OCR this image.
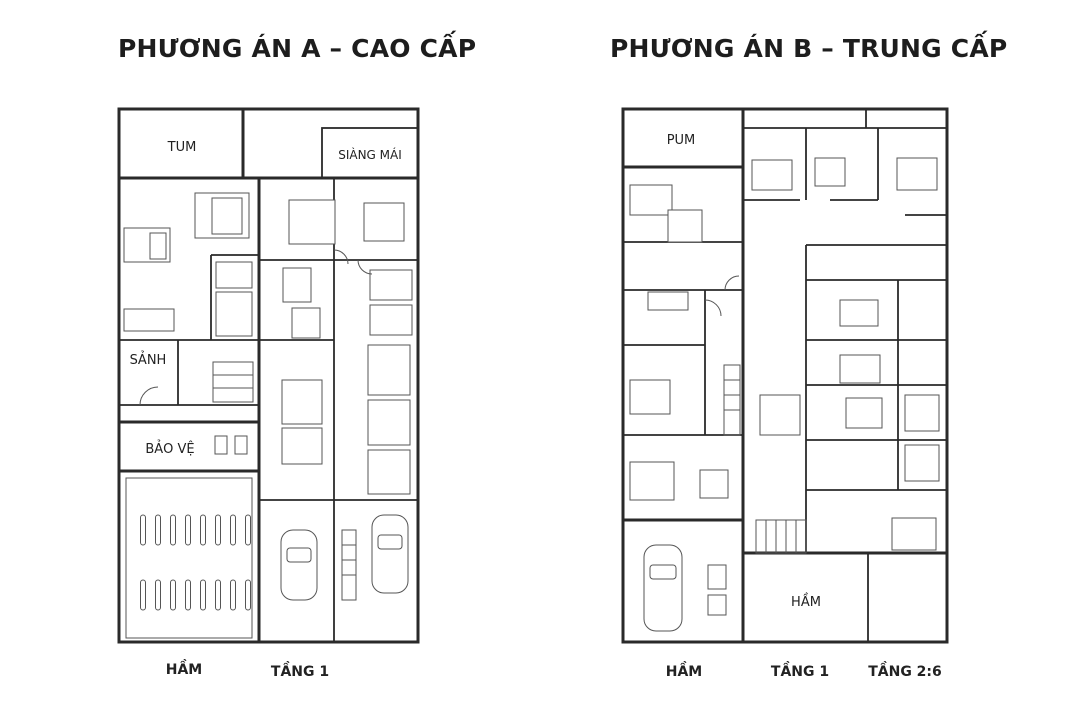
PHƯƠNG ÁN A – CAO CẤP	PHƯƠNG ÁN B – TRUNG CẤP
TUM	SIÀNG MÁI
SẢNH
BẢO VỆ
PUM
HẦM
HẦM	TẦNG 1	HẦM	TẦNG 1	TẦNG 2:6
